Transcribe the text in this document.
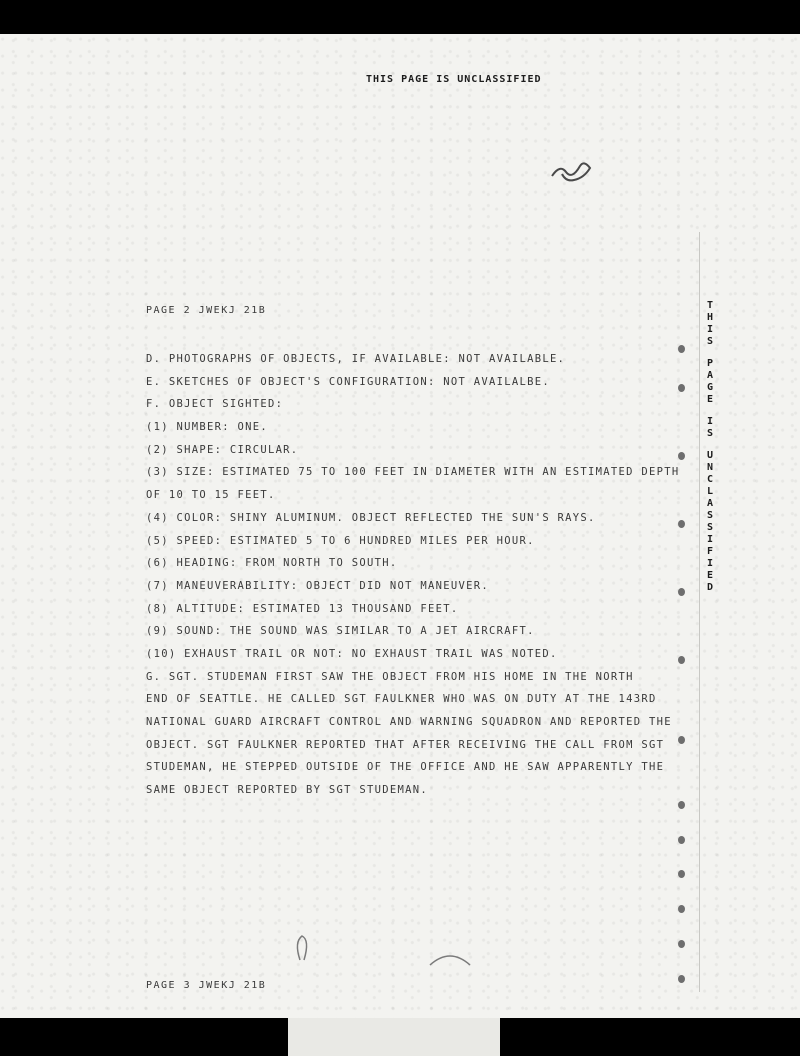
THIS PAGE IS UNCLASSIFIED
PAGE 2 JWEKJ 21B
D. PHOTOGRAPHS OF OBJECTS, IF AVAILABLE: NOT AVAILABLE.
E. SKETCHES OF OBJECT'S CONFIGURATION: NOT AVAILALBE.
F. OBJECT SIGHTED:
(1) NUMBER: ONE.
(2) SHAPE: CIRCULAR.
(3) SIZE: ESTIMATED 75 TO 100 FEET IN DIAMETER WITH AN ESTIMATED DEPTH
OF 10 TO 15 FEET.
(4) COLOR: SHINY ALUMINUM. OBJECT REFLECTED THE SUN'S RAYS.
(5) SPEED: ESTIMATED 5 TO 6 HUNDRED MILES PER HOUR.
(6) HEADING: FROM NORTH TO SOUTH.
(7) MANEUVERABILITY: OBJECT DID NOT MANEUVER.
(8) ALTITUDE: ESTIMATED 13 THOUSAND FEET.
(9) SOUND: THE SOUND WAS SIMILAR TO A JET AIRCRAFT.
(10) EXHAUST TRAIL OR NOT: NO EXHAUST TRAIL WAS NOTED.
G. SGT. STUDEMAN FIRST SAW THE OBJECT FROM HIS HOME IN THE NORTH
END OF SEATTLE. HE CALLED SGT FAULKNER WHO WAS ON DUTY AT THE 143RD
NATIONAL GUARD AIRCRAFT CONTROL AND WARNING SQUADRON AND REPORTED THE
OBJECT. SGT FAULKNER REPORTED THAT AFTER RECEIVING THE CALL FROM SGT
STUDEMAN, HE STEPPED OUTSIDE OF THE OFFICE AND HE SAW APPARENTLY THE
SAME OBJECT REPORTED BY SGT STUDEMAN.
PAGE 3 JWEKJ 21B
T
H
I
S
P
A
G
E
I
S
U
N
C
L
A
S
S
I
F
I
E
D
